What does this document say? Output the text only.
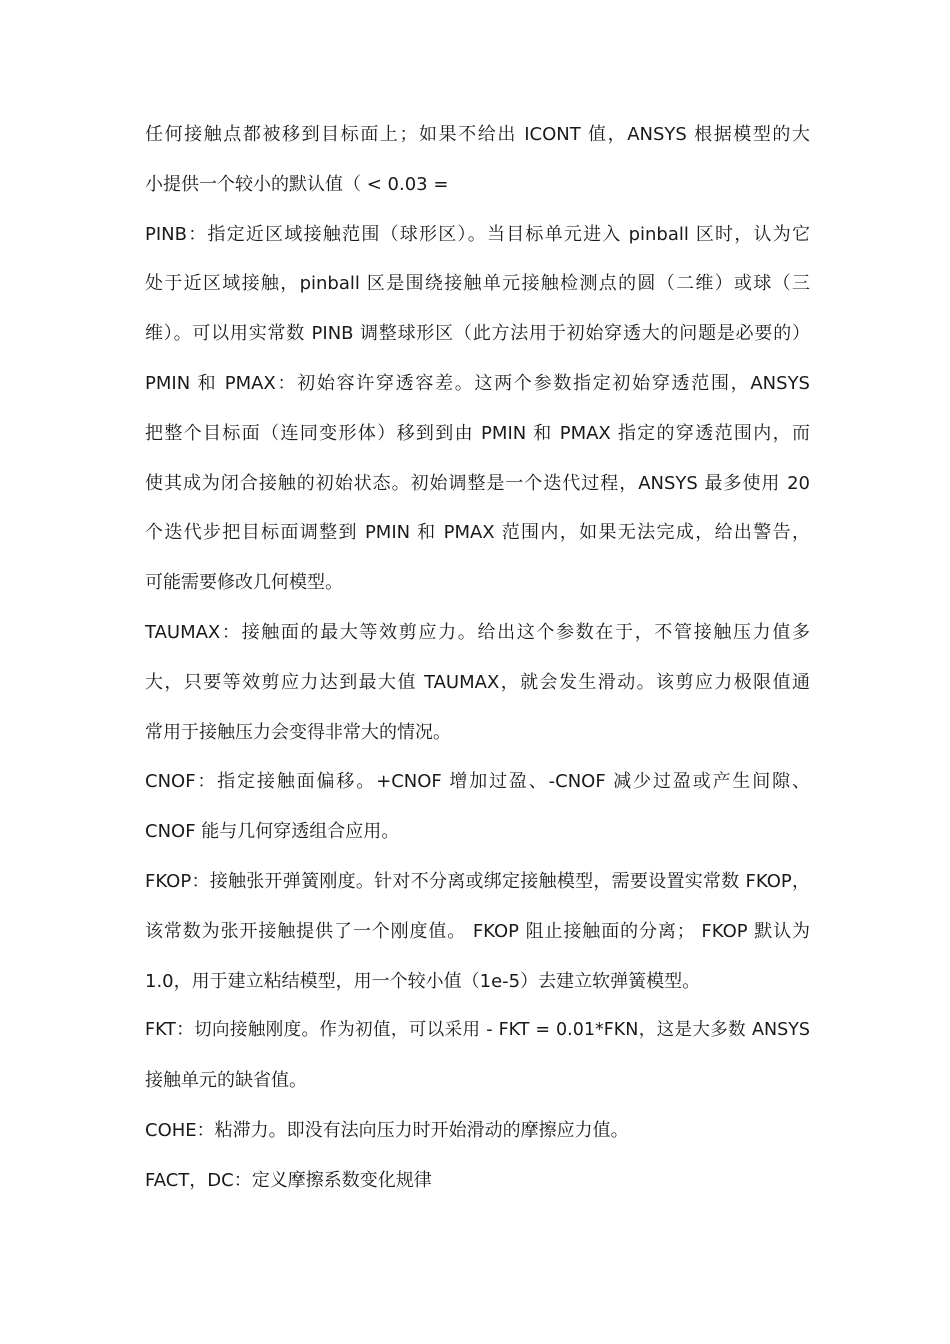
任何接触点都被移到目标面上；如果不给出 ICONT 值，ANSYS 根据模型的大
小提供一个较小的默认值（ < 0.03 =
PINB：指定近区域接触范围（球形区）。当目标单元进入 pinball 区时，认为它
处于近区域接触，pinball 区是围绕接触单元接触检测点的圆（二维）或球（三
维）。可以用实常数 PINB 调整球形区（此方法用于初始穿透大的问题是必要的）
PMIN 和 PMAX：初始容许穿透容差。这两个参数指定初始穿透范围，ANSYS
把整个目标面（连同变形体）移到到由 PMIN 和 PMAX 指定的穿透范围内，而
使其成为闭合接触的初始状态。初始调整是一个迭代过程，ANSYS 最多使用 20
个迭代步把目标面调整到 PMIN 和 PMAX 范围内，如果无法完成，给出警告，
可能需要修改几何模型。
TAUMAX：接触面的最大等效剪应力。给出这个参数在于，不管接触压力值多
大，只要等效剪应力达到最大值 TAUMAX，就会发生滑动。该剪应力极限值通
常用于接触压力会变得非常大的情况。
CNOF：指定接触面偏移。+CNOF 增加过盈、-CNOF 减少过盈或产生间隙、
CNOF 能与几何穿透组合应用。
FKOP：接触张开弹簧刚度。针对不分离或绑定接触模型，需要设置实常数 FKOP，
该常数为张开接触提供了一个刚度值。 FKOP 阻止接触面的分离； FKOP 默认为
1.0，用于建立粘结模型，用一个较小值（1e-5）去建立软弹簧模型。
FKT：切向接触刚度。作为初值，可以采用 - FKT = 0.01*FKN，这是大多数 ANSYS
接触单元的缺省值。
COHE：粘滞力。即没有法向压力时开始滑动的摩擦应力值。
FACT，DC：定义摩擦系数变化规律
